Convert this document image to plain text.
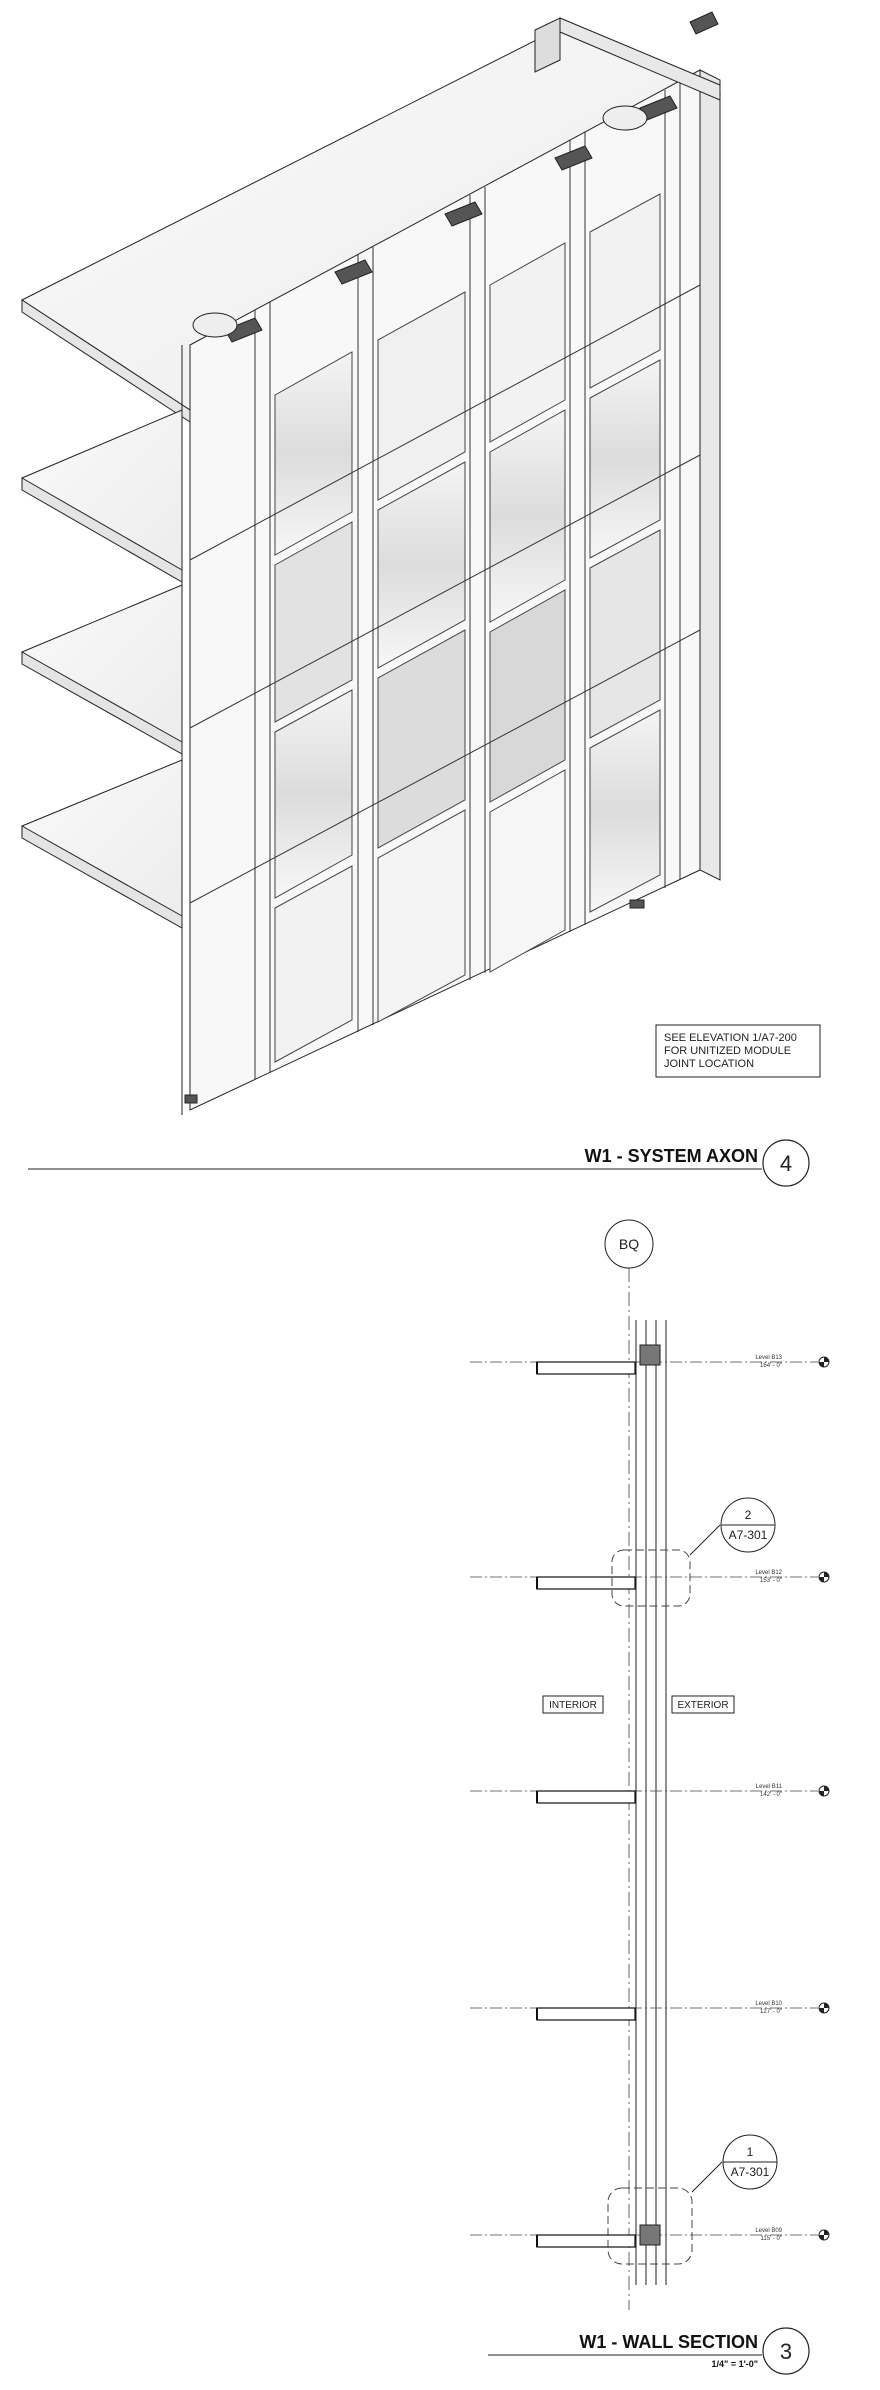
SEE ELEVATION 1/A7-200
FOR UNITIZED MODULE
JOINT LOCATION
W1 - SYSTEM AXON 4
BQ
INTERIOR	EXTERIOR
2
A7-301
1
A7-301
Level B13
164' - 0"
Level B12
153' - 0"
Level B11
142' - 0"
Level B10
127' - 0"
Level B09
115' - 0"
W1 - WALL SECTION
1/4" = 1'-0" 3
